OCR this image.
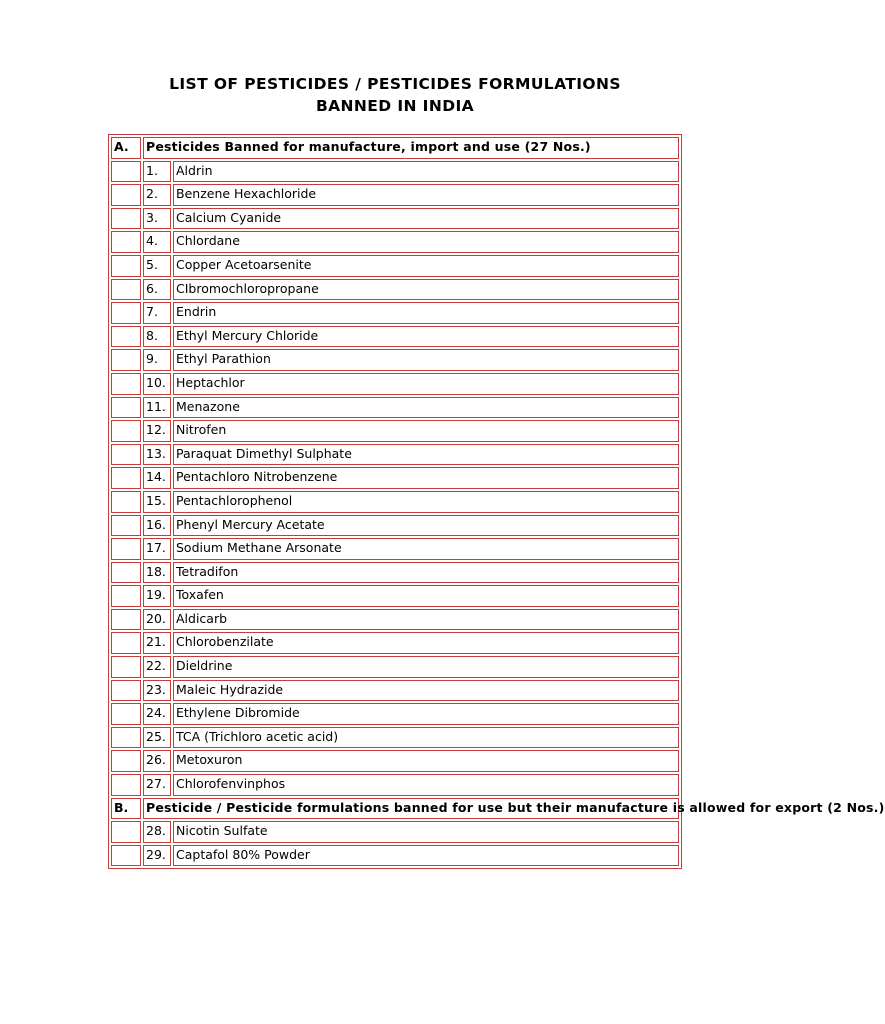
LIST OF PESTICIDES / PESTICIDES FORMULATIONS
BANNED IN INDIA
A.	Pesticides Banned for manufacture, import and use (27 Nos.)	
	1.	Aldrin
	2.	Benzene Hexachloride
	3.	Calcium Cyanide
	4.	Chlordane
	5.	Copper Acetoarsenite
	6.	CIbromochloropropane
	7.	Endrin
	8.	Ethyl Mercury Chloride
	9.	Ethyl Parathion
	10.	Heptachlor
	11.	Menazone
	12.	Nitrofen
	13.	Paraquat Dimethyl Sulphate
	14.	Pentachloro Nitrobenzene
	15.	Pentachlorophenol
	16.	Phenyl Mercury Acetate
	17.	Sodium Methane Arsonate
	18.	Tetradifon
	19.	Toxafen
	20.	Aldicarb
	21.	Chlorobenzilate
	22.	Dieldrine
	23.	Maleic Hydrazide
	24.	Ethylene Dibromide
	25.	TCA (Trichloro acetic acid)
	26.	Metoxuron
	27.	Chlorofenvinphos
B.	Pesticide / Pesticide formulations banned for use but their manufacture is allowed for export (2 Nos.)	
	28.	Nicotin Sulfate
	29.	Captafol 80% Powder
